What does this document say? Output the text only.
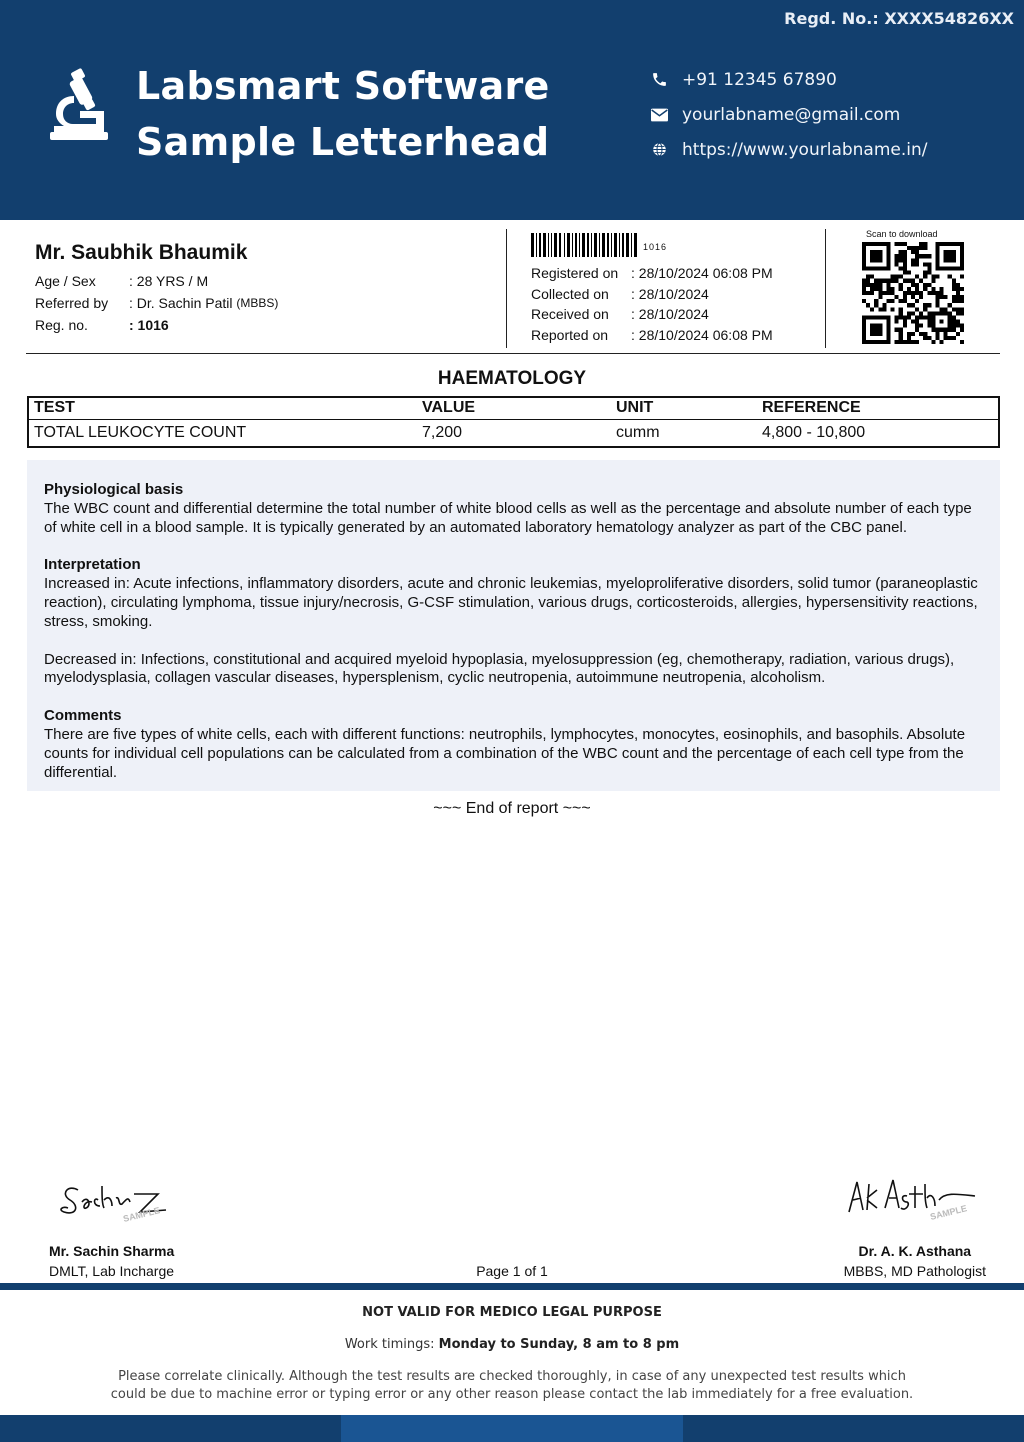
Regd. No.: XXXX54826XX
Labsmart Software
Sample Letterhead
+91 12345 67890
yourlabname@gmail.com
https://www.yourlabname.in/
Mr. Saubhik Bhaumik
Age / Sex	: 28 YRS / M
Referred by	: Dr. Sachin Patil
(MBBS)
Reg. no.	: 1016
1016
Registered on : 28/10/2024 06:08 PM
Collected on	: 28/10/2024
Received on	: 28/10/2024
Reported on	: 28/10/2024 06:08 PM
Scan to download
HAEMATOLOGY
TEST	VALUE	UNIT	REFERENCE
TOTAL LEUKOCYTE COUNT	7,200	cumm	4,800 - 10,800
Physiological basis

The WBC count and differential determine the total number of white blood cells as well as the percentage and absolute number of each type of white cell in a blood sample. It is typically generated by an automated laboratory hematology analyzer as part of the CBC panel.

Interpretation

Increased in: Acute infections, inflammatory disorders, acute and chronic leukemias, myeloproliferative disorders, solid tumor (paraneoplastic reaction), circulating lymphoma, tissue injury/necrosis, G-CSF stimulation, various drugs, corticosteroids, allergies, hypersensitivity reactions, stress, smoking.

Decreased in: Infections, constitutional and acquired myeloid hypoplasia, myelosuppression (eg, chemotherapy, radiation, various drugs), myelodysplasia, collagen vascular diseases, hypersplenism, cyclic neutropenia, autoimmune neutropenia, alcoholism.

Comments

There are five types of white cells, each with different functions: neutrophils, lymphocytes, monocytes, eosinophils, and basophils. Absolute counts for individual cell populations can be calculated from a combination of the WBC count and the percentage of each cell type from the differential.

~~~ End of report ~~~
SAMPLE	SAMPLE
Mr. Sachin Sharma
DMLT, Lab Incharge	Page 1 of 1
Dr. A. K. Asthana
MBBS, MD Pathologist
NOT VALID FOR MEDICO LEGAL PURPOSE
Work timings: Monday to Sunday, 8 am to 8 pm
Please correlate clinically. Although the test results are checked thoroughly, in case of any unexpected test results which could be due to machine error or typing error or any other reason please contact the lab immediately for a free evaluation.
